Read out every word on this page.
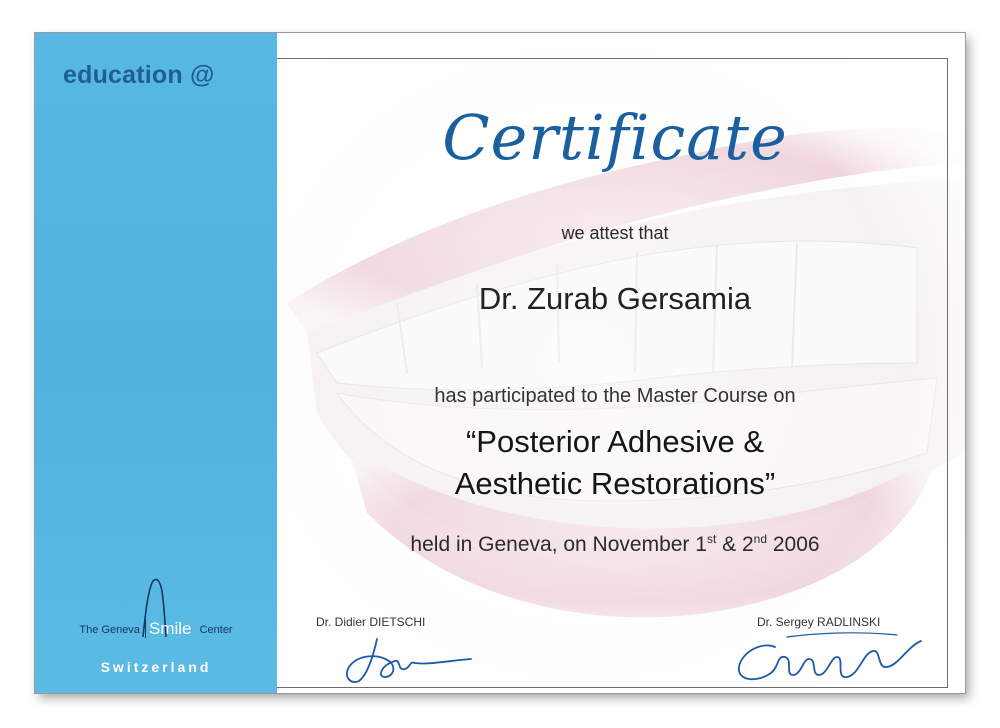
education @
The Geneva Smile Center
Switzerland
Certificate
we attest that
Dr. Zurab Gersamia
has participated to the Master Course on
“Posterior Adhesive &
Aesthetic Restorations”
held in Geneva, on November 1st & 2nd 2006
Dr. Didier DIETSCHI	Dr. Sergey RADLINSKI
